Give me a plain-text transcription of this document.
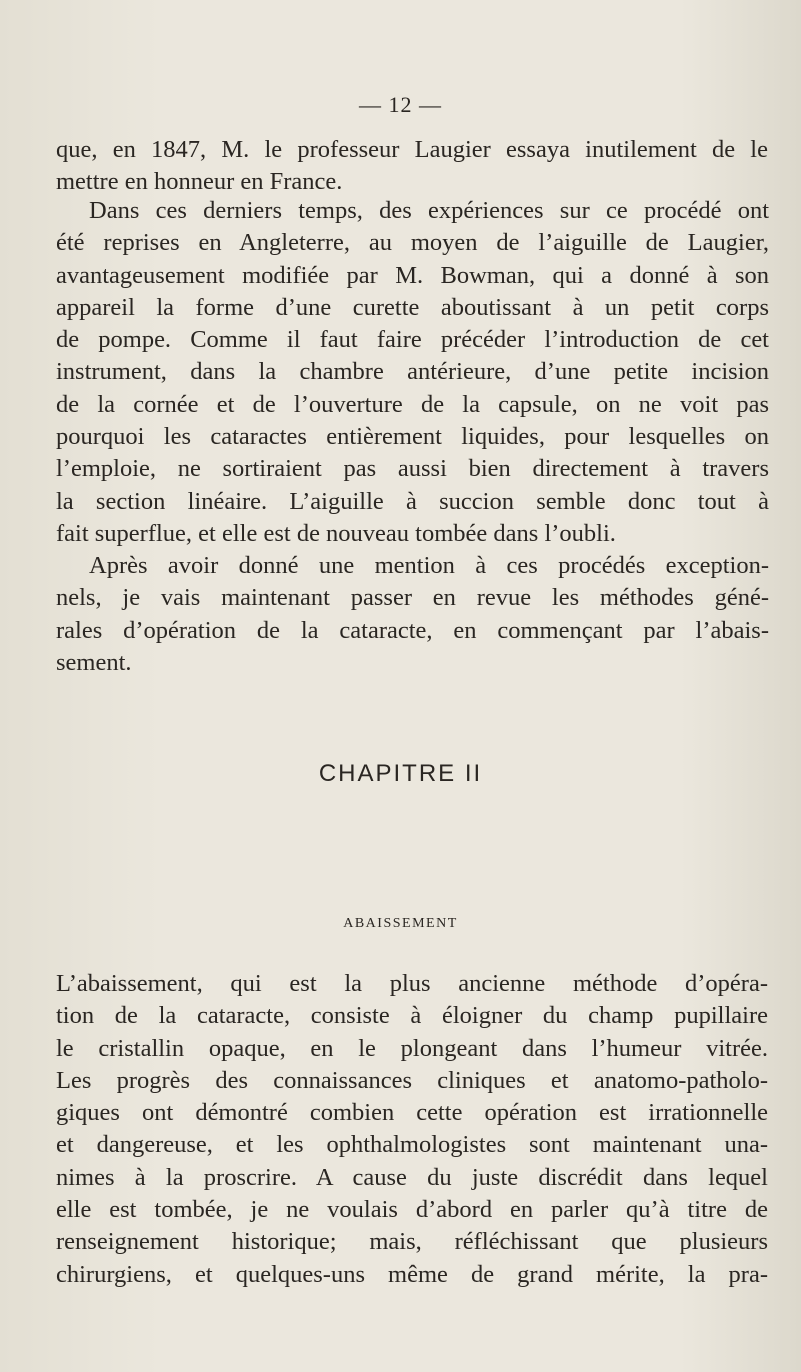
— 12 —

que, en 1847, M. le professeur Laugier essaya inutilement de le
mettre en honneur en France.

Dans ces derniers temps, des expériences sur ce procédé ont
été reprises en Angleterre, au moyen de l’aiguille de Laugier,
avantageusement modifiée par M. Bowman, qui a donné à son
appareil la forme d’une curette aboutissant à un petit corps
de pompe. Comme il faut faire précéder l’introduction de cet
instrument, dans la chambre antérieure, d’une petite incision
de la cornée et de l’ouverture de la capsule, on ne voit pas
pourquoi les cataractes entièrement liquides, pour lesquelles on
l’emploie, ne sortiraient pas aussi bien directement à travers
la section linéaire. L’aiguille à succion semble donc tout à
fait superflue, et elle est de nouveau tombée dans l’oubli.

Après avoir donné une mention à ces procédés exception-
nels, je vais maintenant passer en revue les méthodes géné-
rales d’opération de la cataracte, en commençant par l’abais-
sement.

CHAPITRE II
ABAISSEMENT

L’abaissement, qui est la plus ancienne méthode d’opéra-
tion de la cataracte, consiste à éloigner du champ pupillaire
le cristallin opaque, en le plongeant dans l’humeur vitrée.
Les progrès des connaissances cliniques et anatomo-patholo-
giques ont démontré combien cette opération est irrationnelle
et dangereuse, et les ophthalmologistes sont maintenant una-
nimes à la proscrire. A cause du juste discrédit dans lequel
elle est tombée, je ne voulais d’abord en parler qu’à titre de
renseignement historique; mais, réfléchissant que plusieurs
chirurgiens, et quelques-uns même de grand mérite, la pra-
